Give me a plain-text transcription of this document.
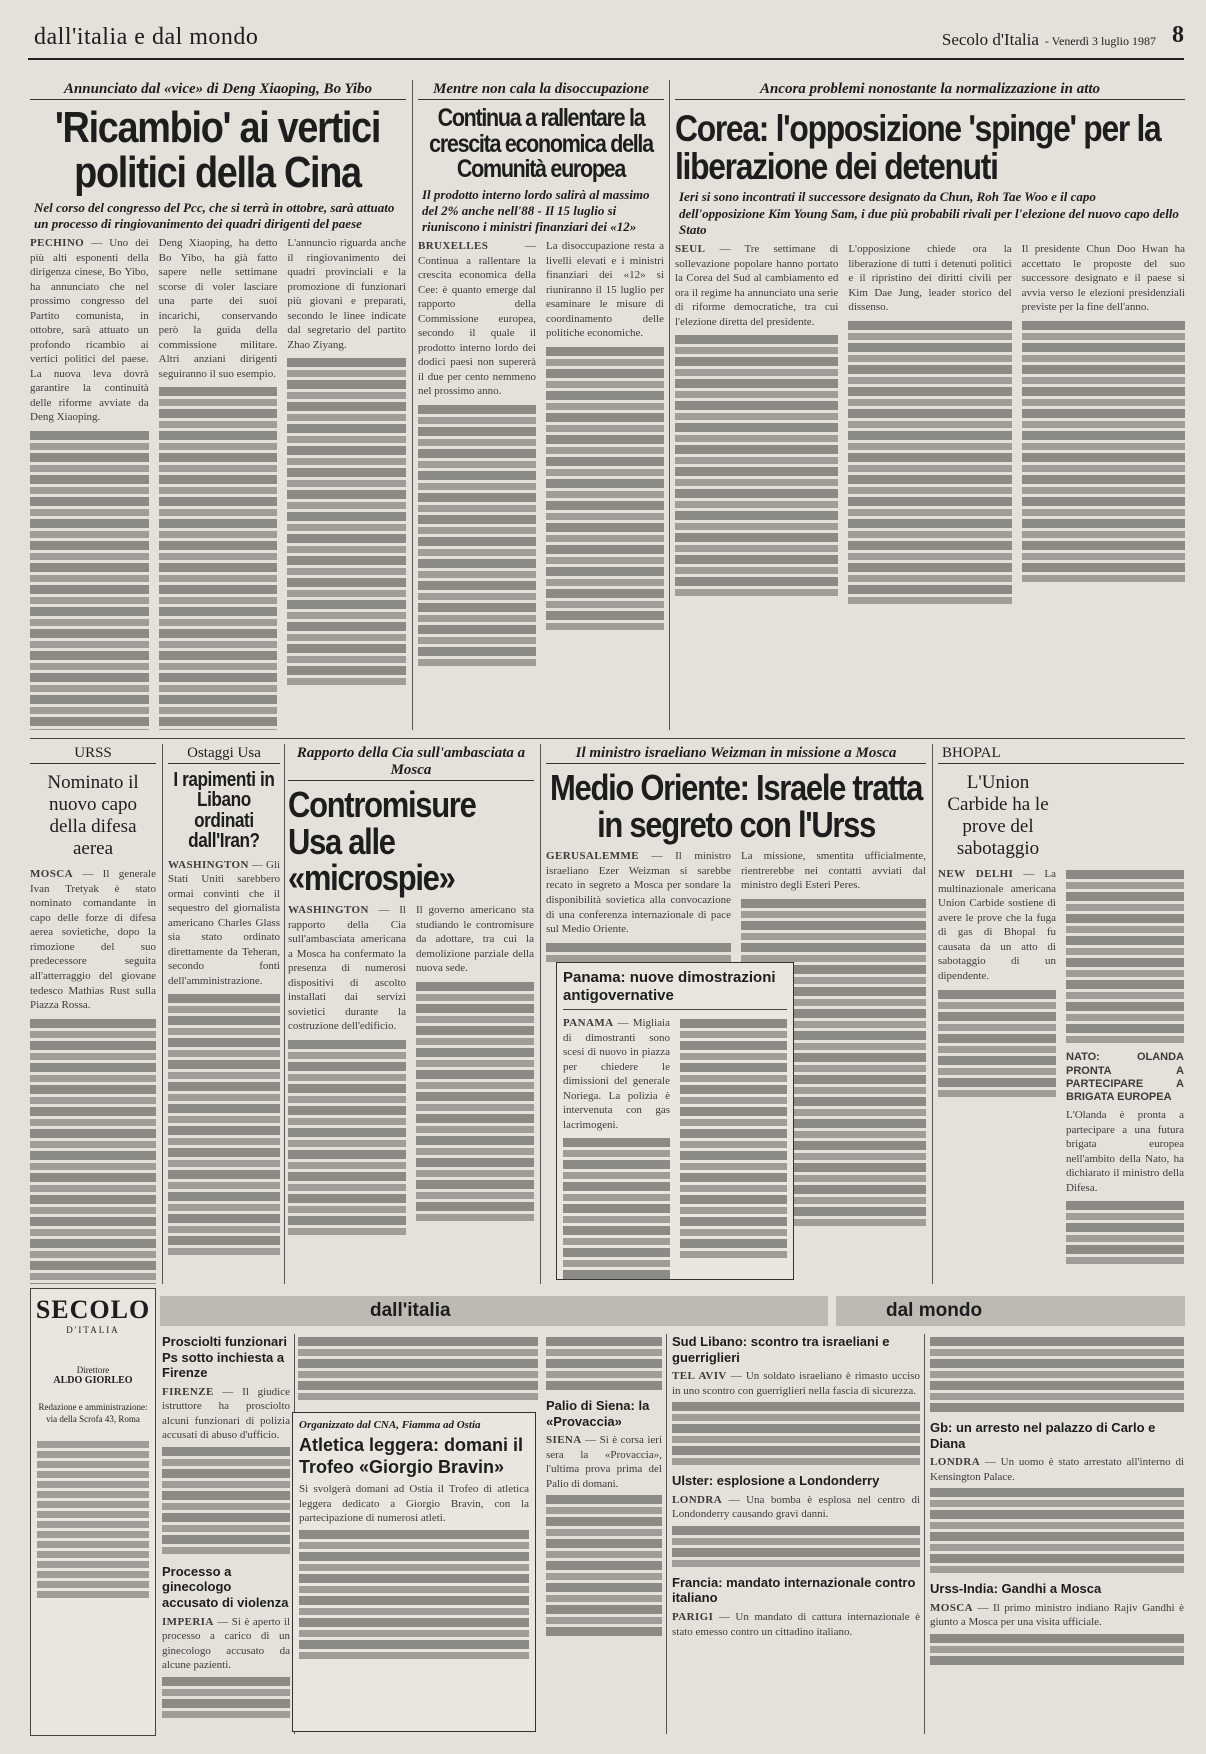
dall'italia e dal mondo	Secolo d'Italia - Venerdì 3 luglio 1987 8
Annunciato dal «vice» di Deng Xiaoping, Bo Yibo
'Ricambio' ai vertici politici della Cina
Nel corso del congresso del Pcc, che si terrà in ottobre, sarà attuato un processo di ringiovanimento dei quadri dirigenti del paese

PECHINO — Uno dei più alti esponenti della dirigenza cinese, Bo Yibo, ha annunciato che nel prossimo congresso del Partito comunista, in ottobre, sarà attuato un profondo ricambio ai vertici politici del paese. La nuova leva dovrà garantire la continuità delle riforme avviate da Deng Xiaoping.

Deng Xiaoping, ha detto Bo Yibo, ha già fatto sapere nelle settimane scorse di voler lasciare una parte dei suoi incarichi, conservando però la guida della commissione militare. Altri anziani dirigenti seguiranno il suo esempio.

L'annuncio riguarda anche il ringiovanimento dei quadri provinciali e la promozione di funzionari più giovani e preparati, secondo le linee indicate dal segretario del partito Zhao Ziyang.

Mentre non cala la disoccupazione
Continua a rallentare la crescita economica della Comunità europea
Il prodotto interno lordo salirà al massimo del 2% anche nell'88 - Il 15 luglio si riuniscono i ministri finanziari dei «12»

BRUXELLES — Continua a rallentare la crescita economica della Cee: è quanto emerge dal rapporto della Commissione europea, secondo il quale il prodotto interno lordo dei dodici paesi non supererà il due per cento nemmeno nel prossimo anno.

La disoccupazione resta a livelli elevati e i ministri finanziari dei «12» si riuniranno il 15 luglio per esaminare le misure di coordinamento delle politiche economiche.

Ancora problemi nonostante la normalizzazione in atto
Corea: l'opposizione 'spinge' per la liberazione dei detenuti
Ieri si sono incontrati il successore designato da Chun, Roh Tae Woo e il capo dell'opposizione Kim Young Sam, i due più probabili rivali per l'elezione del nuovo capo dello Stato

SEUL — Tre settimane di sollevazione popolare hanno portato la Corea del Sud al cambiamento ed ora il regime ha annunciato una serie di riforme democratiche, tra cui l'elezione diretta del presidente.

L'opposizione chiede ora la liberazione di tutti i detenuti politici e il ripristino dei diritti civili per Kim Dae Jung, leader storico del dissenso.

Il presidente Chun Doo Hwan ha accettato le proposte del suo successore designato e il paese si avvia verso le elezioni presidenziali previste per la fine dell'anno.

URSS
Nominato il nuovo capo della difesa aerea

MOSCA — Il generale Ivan Tretyak è stato nominato comandante in capo delle forze di difesa aerea sovietiche, dopo la rimozione del suo predecessore seguita all'atterraggio del giovane tedesco Mathias Rust sulla Piazza Rossa.

Ostaggi Usa
I rapimenti in Libano ordinati dall'Iran?

WASHINGTON — Gli Stati Uniti sarebbero ormai convinti che il sequestro del giornalista americano Charles Glass sia stato ordinato direttamente da Teheran, secondo fonti dell'amministrazione.

Rapporto della Cia sull'ambasciata a Mosca
Contromisure Usa alle «microspie»

WASHINGTON — Il rapporto della Cia sull'ambasciata americana a Mosca ha confermato la presenza di numerosi dispositivi di ascolto installati dai servizi sovietici durante la costruzione dell'edificio.

Il governo americano sta studiando le contromisure da adottare, tra cui la demolizione parziale della nuova sede.

Il ministro israeliano Weizman in missione a Mosca
Medio Oriente: Israele tratta in segreto con l'Urss

GERUSALEMME — Il ministro israeliano Ezer Weizman si sarebbe recato in segreto a Mosca per sondare la disponibilità sovietica alla convocazione di una conferenza internazionale di pace sul Medio Oriente.

La missione, smentita ufficialmente, rientrerebbe nei contatti avviati dal ministro degli Esteri Peres.

Panama: nuove dimostrazioni antigovernative

PANAMA — Migliaia di dimostranti sono scesi di nuovo in piazza per chiedere le dimissioni del generale Noriega. La polizia è intervenuta con gas lacrimogeni.

BHOPAL
L'Union Carbide ha le prove del sabotaggio

NEW DELHI — La multinazionale americana Union Carbide sostiene di avere le prove che la fuga di gas di Bhopal fu causata da un atto di sabotaggio di un dipendente.

NATO: OLANDA PRONTA A PARTECIPARE A BRIGATA EUROPEA

L'Olanda è pronta a partecipare a una futura brigata europea nell'ambito della Nato, ha dichiarato il ministro della Difesa.

SECOLO
D'ITALIA
Direttore
ALDO GIORLEO
Redazione e amministrazione: via della Scrofa 43, Roma
dall'italia	dal mondo
Prosciolti funzionari Ps sotto inchiesta a Firenze

FIRENZE — Il giudice istruttore ha prosciolto alcuni funzionari di polizia accusati di abuso d'ufficio.

Processo a ginecologo accusato di violenza

IMPERIA — Si è aperto il processo a carico di un ginecologo accusato da alcune pazienti.

Organizzato dal CNA, Fiamma ad Ostia
Atletica leggera: domani il Trofeo «Giorgio Bravin»

Si svolgerà domani ad Ostia il Trofeo di atletica leggera dedicato a Giorgio Bravin, con la partecipazione di numerosi atleti.

Palio di Siena: la «Provaccia»

SIENA — Si è corsa ieri sera la «Provaccia», l'ultima prova prima del Palio di domani.

Sud Libano: scontro tra israeliani e guerriglieri

TEL AVIV — Un soldato israeliano è rimasto ucciso in uno scontro con guerriglieri nella fascia di sicurezza.

Ulster: esplosione a Londonderry

LONDRA — Una bomba è esplosa nel centro di Londonderry causando gravi danni.

Francia: mandato internazionale contro italiano

PARIGI — Un mandato di cattura internazionale è stato emesso contro un cittadino italiano.

Gb: un arresto nel palazzo di Carlo e Diana

LONDRA — Un uomo è stato arrestato all'interno di Kensington Palace.

Urss-India: Gandhi a Mosca

MOSCA — Il primo ministro indiano Rajiv Gandhi è giunto a Mosca per una visita ufficiale.
